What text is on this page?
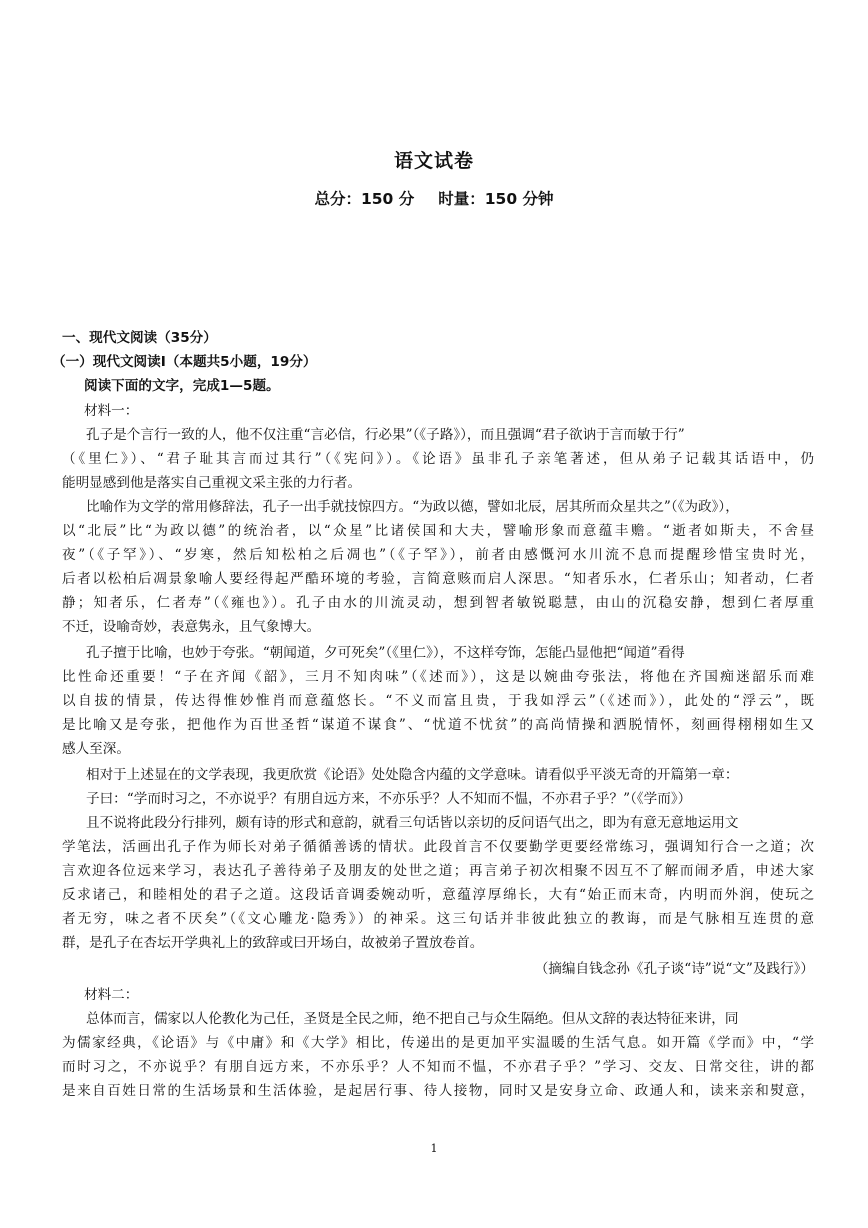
语文试卷
总分：150 分 时量：150 分钟
一、现代文阅读（35分）
（一）现代文阅读Ⅰ（本题共5小题，19分）
阅读下面的文字，完成1—5题。
材料一：
孔子是个言行一致的人，他不仅注重“言必信，行必果”（《子路》），而且强调“君子欲讷于言而敏于行”
（《里仁》）、“君子耻其言而过其行”（《宪问》）。《论语》虽非孔子亲笔著述，但从弟子记载其话语中，仍
能明显感到他是落实自己重视文采主张的力行者。
比喻作为文学的常用修辞法，孔子一出手就技惊四方。“为政以德，譬如北辰，居其所而众星共之”（《为政》），
以“北辰”比“为政以德”的统治者，以“众星”比诸侯国和大夫，譬喻形象而意蕴丰赡。“逝者如斯夫，不舍昼
夜”（《子罕》）、“岁寒，然后知松柏之后凋也”（《子罕》），前者由感慨河水川流不息而提醒珍惜宝贵时光，
后者以松柏后凋景象喻人要经得起严酷环境的考验，言简意赅而启人深思。“知者乐水，仁者乐山；知者动，仁者
静；知者乐，仁者寿”（《雍也》）。孔子由水的川流灵动，想到智者敏锐聪慧，由山的沉稳安静，想到仁者厚重
不迁，设喻奇妙，表意隽永，且气象博大。
孔子擅于比喻，也妙于夸张。“朝闻道，夕可死矣”（《里仁》），不这样夸饰，怎能凸显他把“闻道”看得
比性命还重要！“子在齐闻《韶》，三月不知肉味”（《述而》），这是以婉曲夸张法，将他在齐国痴迷韶乐而难
以自拔的情景，传达得惟妙惟肖而意蕴悠长。“不义而富且贵，于我如浮云”（《述而》），此处的“浮云”，既
是比喻又是夸张，把他作为百世圣哲“谋道不谋食”、“忧道不忧贫”的高尚情操和洒脱情怀，刻画得栩栩如生又
感人至深。
相对于上述显在的文学表现，我更欣赏《论语》处处隐含内蕴的文学意味。请看似乎平淡无奇的开篇第一章：
子曰：“学而时习之，不亦说乎？有朋自远方来，不亦乐乎？人不知而不愠，不亦君子乎？”（《学而》）
且不说将此段分行排列，颇有诗的形式和意韵，就看三句话皆以亲切的反问语气出之，即为有意无意地运用文
学笔法，活画出孔子作为师长对弟子循循善诱的情状。此段首言不仅要勤学更要经常练习，强调知行合一之道；次
言欢迎各位远来学习，表达孔子善待弟子及朋友的处世之道；再言弟子初次相聚不因互不了解而闹矛盾，申述大家
反求诸己，和睦相处的君子之道。这段话音调委婉动听，意蕴淳厚绵长，大有“始正而末奇，内明而外润，使玩之
者无穷，味之者不厌矣”（《文心雕龙·隐秀》）的神采。这三句话并非彼此独立的教诲，而是气脉相互连贯的意
群，是孔子在杏坛开学典礼上的致辞或曰开场白，故被弟子置放卷首。
（摘编自钱念孙《孔子谈“诗”说“文”及践行》）
材料二：
总体而言，儒家以人伦教化为己任，圣贤是全民之师，绝不把自己与众生隔绝。但从文辞的表达特征来讲，同
为儒家经典，《论语》与《中庸》和《大学》相比，传递出的是更加平实温暖的生活气息。如开篇《学而》中，“学
而时习之，不亦说乎？有朋自远方来，不亦乐乎？人不知而不愠，不亦君子乎？”学习、交友、日常交往，讲的都
是来自百姓日常的生活场景和生活体验，是起居行事、待人接物，同时又是安身立命、政通人和，读来亲和熨意，
1
